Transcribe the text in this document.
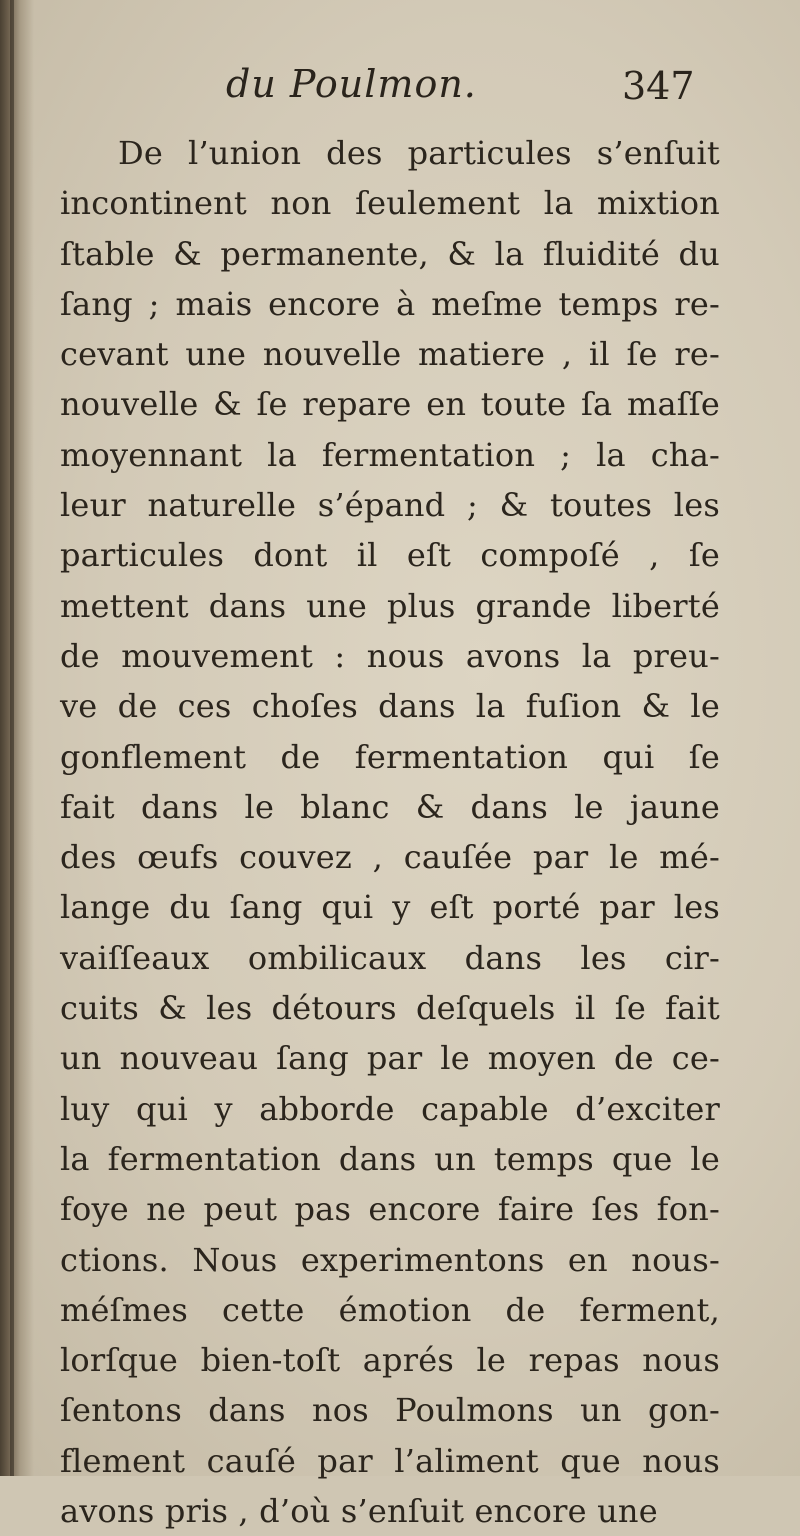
du Poulmon.	347
De l’union des particules s’enſuit
incontinent non ſeulement la mixtion
ſtable & permanente, & la fluidité du
ſang ; mais encore à meſme temps re-
cevant une nouvelle matiere , il ſe re-
nouvelle & ſe repare en toute ſa maſſe
moyennant la fermentation ; la cha-
leur naturelle s’épand ; & toutes les
particules dont il eſt compoſé , ſe
mettent dans une plus grande liberté
de mouvement : nous avons la preu-
ve de ces choſes dans la fuſion & le
gonflement de fermentation qui ſe
fait dans le blanc & dans le jaune
des œufs couvez , cauſée par le mé-
lange du ſang qui y eſt porté par les
vaiſſeaux ombilicaux dans les cir-
cuits & les détours deſquels il ſe fait
un nouveau ſang par le moyen de ce-
luy qui y abborde capable d’exciter
la fermentation dans un temps que le
foye ne peut pas encore faire ſes fon-
ctions. Nous experimentons en nous-
méſmes cette émotion de ferment,
lorſque bien-toſt aprés le repas nous
ſentons dans nos Poulmons un gon-
flement cauſé par l’aliment que nous
avons pris , d’où s’enſuit encore une
